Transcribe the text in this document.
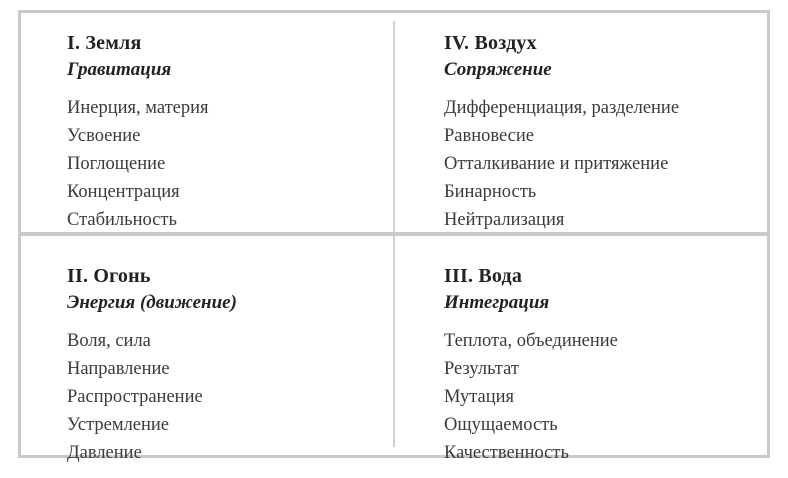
I. Земля
Гравитация
Инерция, материя
Усвоение
Поглощение
Концентрация
Стабильность
IV. Воздух
Сопряжение
Дифференциация, разделение
Равновесие
Отталкивание и притяжение
Бинарность
Нейтрализация
II. Огонь
Энергия (движение)
Воля, сила
Направление
Распространение
Устремление
Давление
III. Вода
Интеграция
Теплота, объединение
Результат
Мутация
Ощущаемость
Качественность
